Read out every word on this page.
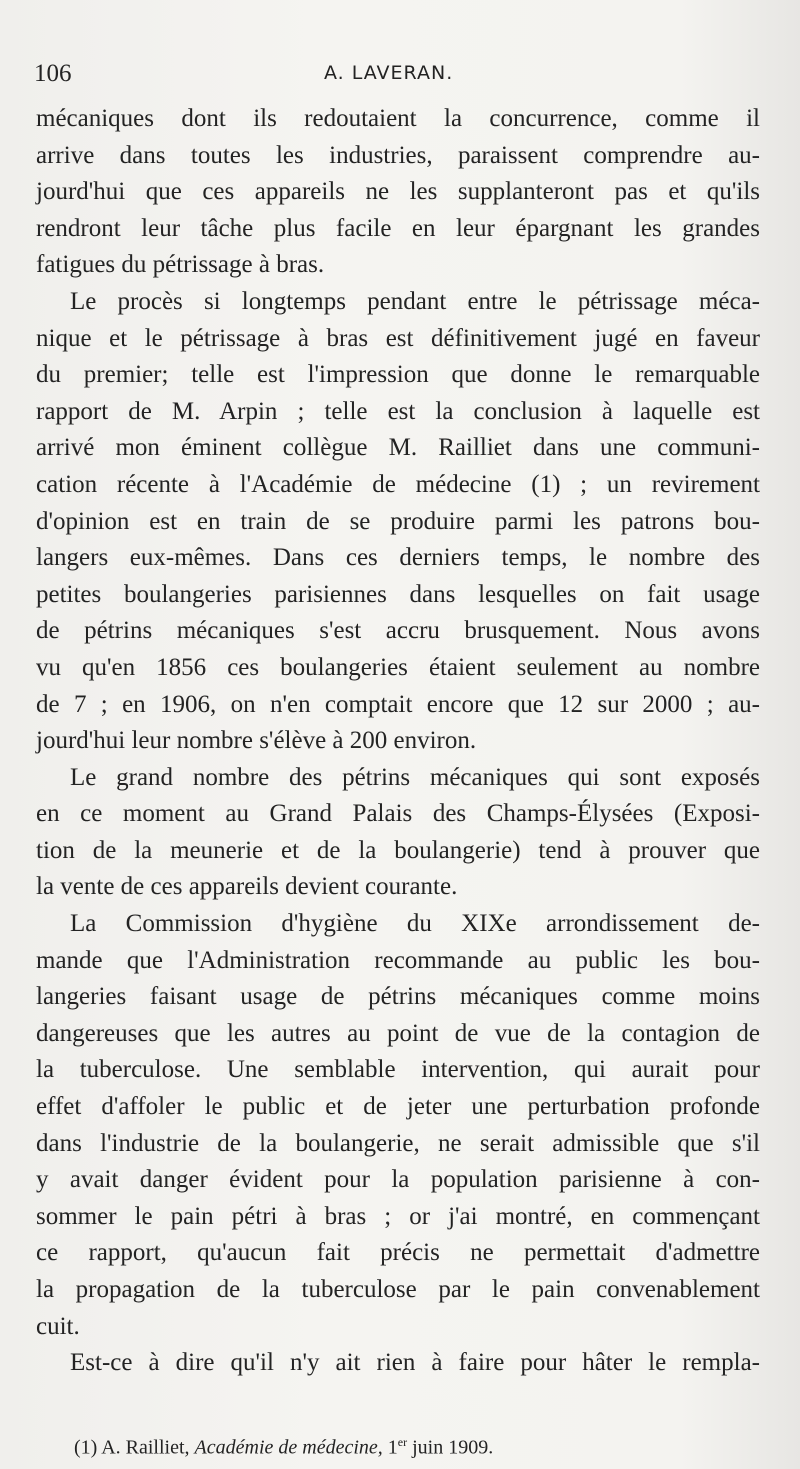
106	A. LAVERAN.
mécaniques dont ils redoutaient la concurrence, comme il
arrive dans toutes les industries, paraissent comprendre au-
jourd'hui que ces appareils ne les supplanteront pas et qu'ils
rendront leur tâche plus facile en leur épargnant les grandes
fatigues du pétrissage à bras.
Le procès si longtemps pendant entre le pétrissage méca-
nique et le pétrissage à bras est définitivement jugé en faveur
du premier; telle est l'impression que donne le remarquable
rapport de M. Arpin ; telle est la conclusion à laquelle est
arrivé mon éminent collègue M. Railliet dans une communi-
cation récente à l'Académie de médecine (1) ; un revirement
d'opinion est en train de se produire parmi les patrons bou-
langers eux-mêmes. Dans ces derniers temps, le nombre des
petites boulangeries parisiennes dans lesquelles on fait usage
de pétrins mécaniques s'est accru brusquement. Nous avons
vu qu'en 1856 ces boulangeries étaient seulement au nombre
de 7 ; en 1906, on n'en comptait encore que 12 sur 2000 ; au-
jourd'hui leur nombre s'élève à 200 environ.
Le grand nombre des pétrins mécaniques qui sont exposés
en ce moment au Grand Palais des Champs-Élysées (Exposi-
tion de la meunerie et de la boulangerie) tend à prouver que
la vente de ces appareils devient courante.
La Commission d'hygiène du XIXe arrondissement de-
mande que l'Administration recommande au public les bou-
langeries faisant usage de pétrins mécaniques comme moins
dangereuses que les autres au point de vue de la contagion de
la tuberculose. Une semblable intervention, qui aurait pour
effet d'affoler le public et de jeter une perturbation profonde
dans l'industrie de la boulangerie, ne serait admissible que s'il
y avait danger évident pour la population parisienne à con-
sommer le pain pétri à bras ; or j'ai montré, en commençant
ce rapport, qu'aucun fait précis ne permettait d'admettre
la propagation de la tuberculose par le pain convenablement
cuit.
Est-ce à dire qu'il n'y ait rien à faire pour hâter le rempla-
(1) A. Railliet, Académie de médecine, 1er juin 1909.
